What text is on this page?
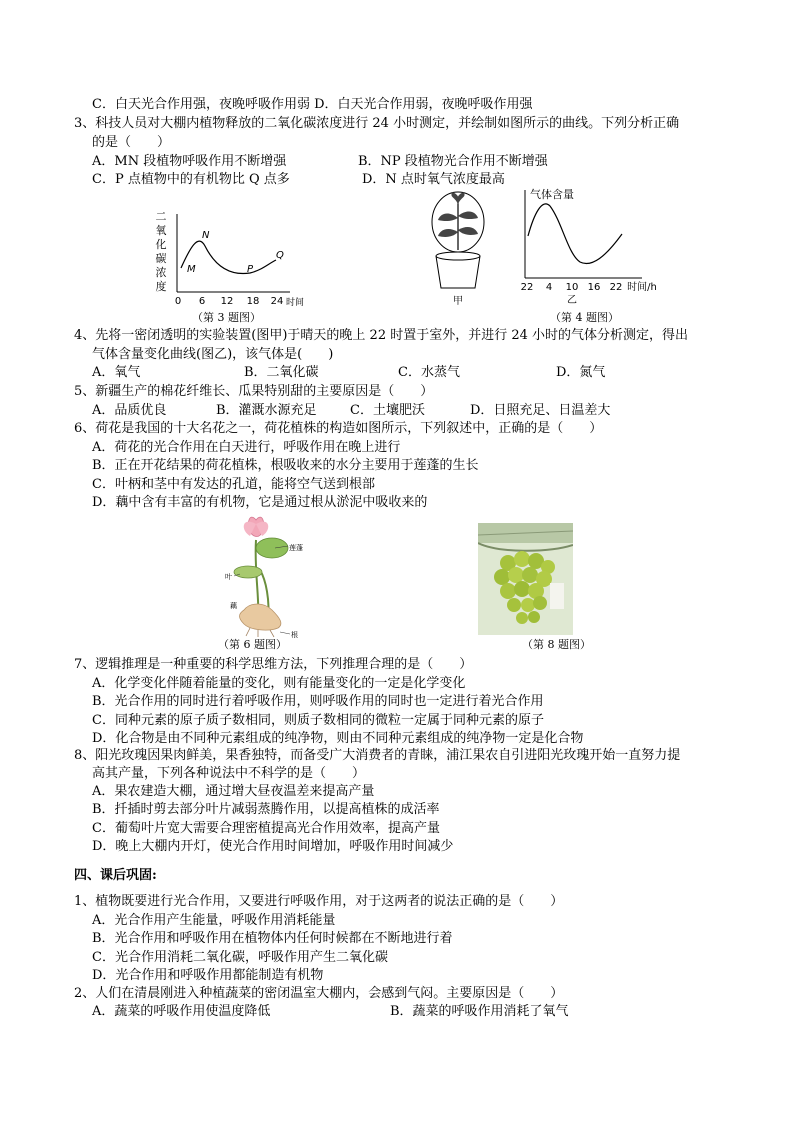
C．白天光合作用强，夜晚呼吸作用弱 D．白天光合作用弱，夜晚呼吸作用强
3、科技人员对大棚内植物释放的二氧化碳浓度进行 24 小时测定，并绘制如图所示的曲线。下列分析正确
的是（　　）
A．MN 段植物呼吸作用不断增强	B．NP 段植物光合作用不断增强
C．P 点植物中的有机物比 Q 点多	D．N 点时氧气浓度最高
二
氧
化
碳
浓
度
M
N
P
Q
0 6 12 18 24 时间
（第 3 题图）
甲
气体含量
22 4 10 16 22 时间/h
乙
（第 4 题图）
4、先将一密闭透明的实验装置(图甲)于晴天的晚上 22 时置于室外，并进行 24 小时的气体分析测定，得出
气体含量变化曲线(图乙)，该气体是(　　)
A．氧气	B．二氧化碳	C．水蒸气	D．氮气
5、新疆生产的棉花纤维长、瓜果特别甜的主要原因是（　　）
A．品质优良	B．灌溉水源充足	C．土壤肥沃	D．日照充足、日温差大
6、荷花是我国的十大名花之一，荷花植株的构造如图所示，下列叙述中，正确的是（　　）
A．荷花的光合作用在白天进行，呼吸作用在晚上进行
B．正在开花结果的荷花植株，根吸收来的水分主要用于莲蓬的生长
C．叶柄和茎中有发达的孔道，能将空气送到根部
D．藕中含有丰富的有机物，它是通过根从淤泥中吸收来的
莲蓬
叶
藕
根
（第 6 题图）	（第 8 题图）
7、逻辑推理是一种重要的科学思维方法，下列推理合理的是（　　）
A．化学变化伴随着能量的变化，则有能量变化的一定是化学变化
B．光合作用的同时进行着呼吸作用，则呼吸作用的同时也一定进行着光合作用
C．同种元素的原子质子数相同，则质子数相同的微粒一定属于同种元素的原子
D．化合物是由不同种元素组成的纯净物，则由不同种元素组成的纯净物一定是化合物
8、阳光玫瑰因果肉鲜美，果香独特，而备受广大消费者的青睐，浦江果农自引进阳光玫瑰开始一直努力提
高其产量，下列各种说法中不科学的是（　　）
A．果农建造大棚，通过增大昼夜温差来提高产量
B．扦插时剪去部分叶片减弱蒸腾作用，以提高植株的成活率
C．葡萄叶片宽大需要合理密植提高光合作用效率，提高产量
D．晚上大棚内开灯，使光合作用时间增加，呼吸作用时间减少
四、课后巩固:
1、植物既要进行光合作用，又要进行呼吸作用，对于这两者的说法正确的是（　　）
A．光合作用产生能量，呼吸作用消耗能量
B．光合作用和呼吸作用在植物体内任何时候都在不断地进行着
C．光合作用消耗二氧化碳，呼吸作用产生二氧化碳
D．光合作用和呼吸作用都能制造有机物
2、人们在清晨刚进入种植蔬菜的密闭温室大棚内，会感到气闷。主要原因是（　　）
A．蔬菜的呼吸作用使温度降低	B．蔬菜的呼吸作用消耗了氧气
